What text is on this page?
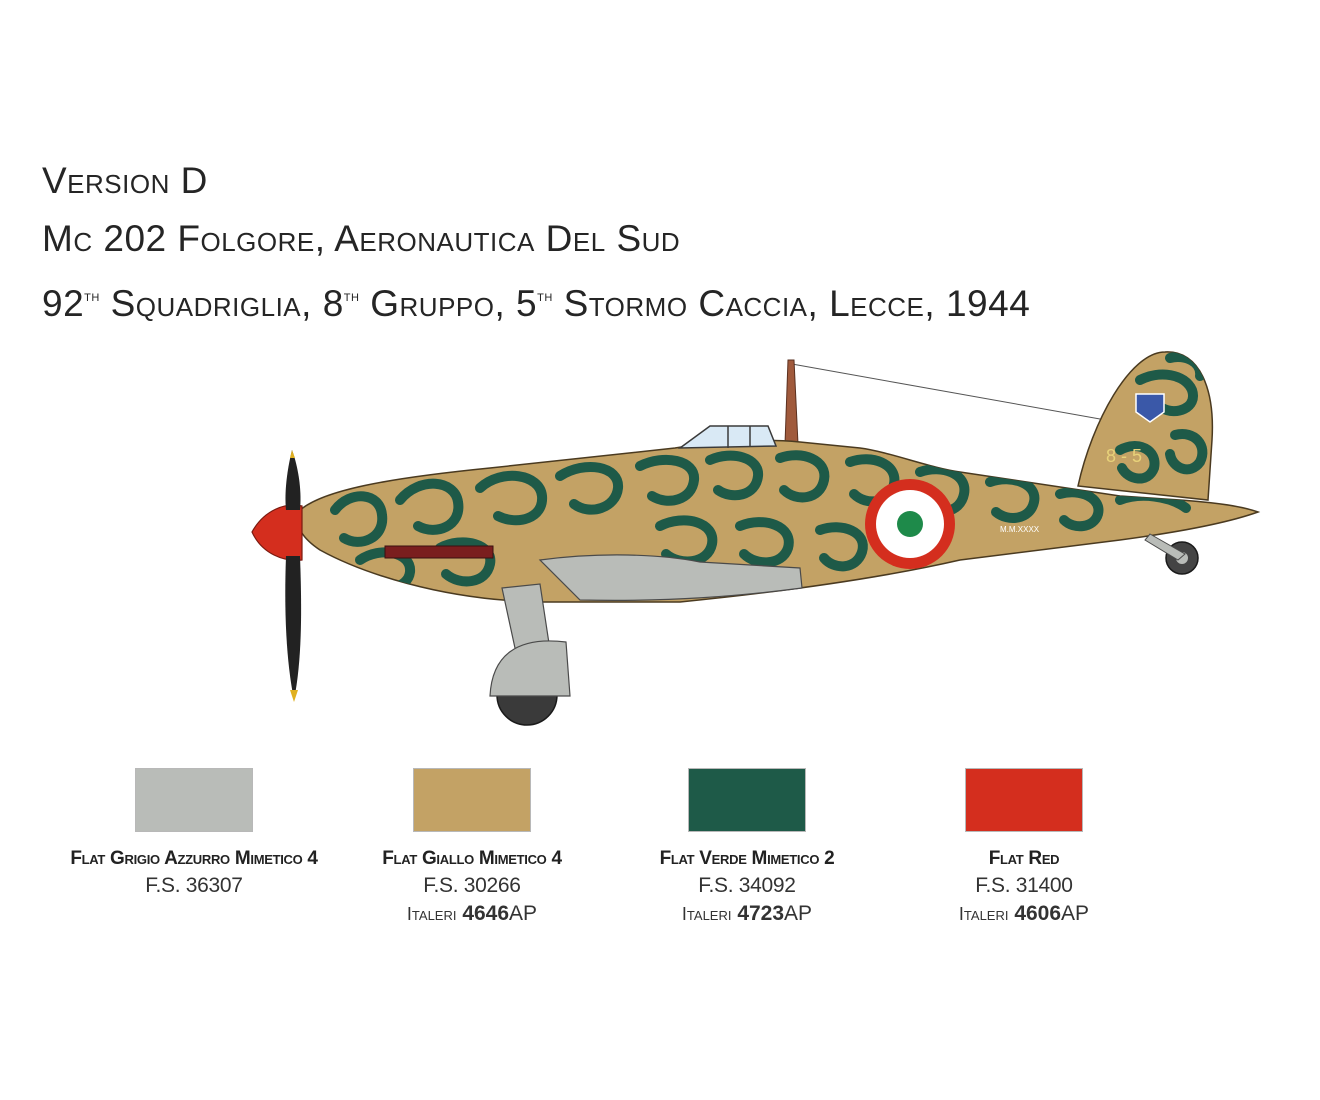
Version D
Mc 202 Folgore, Aeronautica Del Sud
92th Squadriglia, 8th Gruppo, 5th Stormo Caccia, Lecce, 1944
8 - 5
M.M.XXXX
Flat Grigio Azzurro Mimetico 4
F.S. 36307
Flat Giallo Mimetico 4
F.S. 30266
Italeri 4646AP
Flat Verde Mimetico 2
F.S. 34092
Italeri 4723AP
Flat Red
F.S. 31400
Italeri 4606AP
